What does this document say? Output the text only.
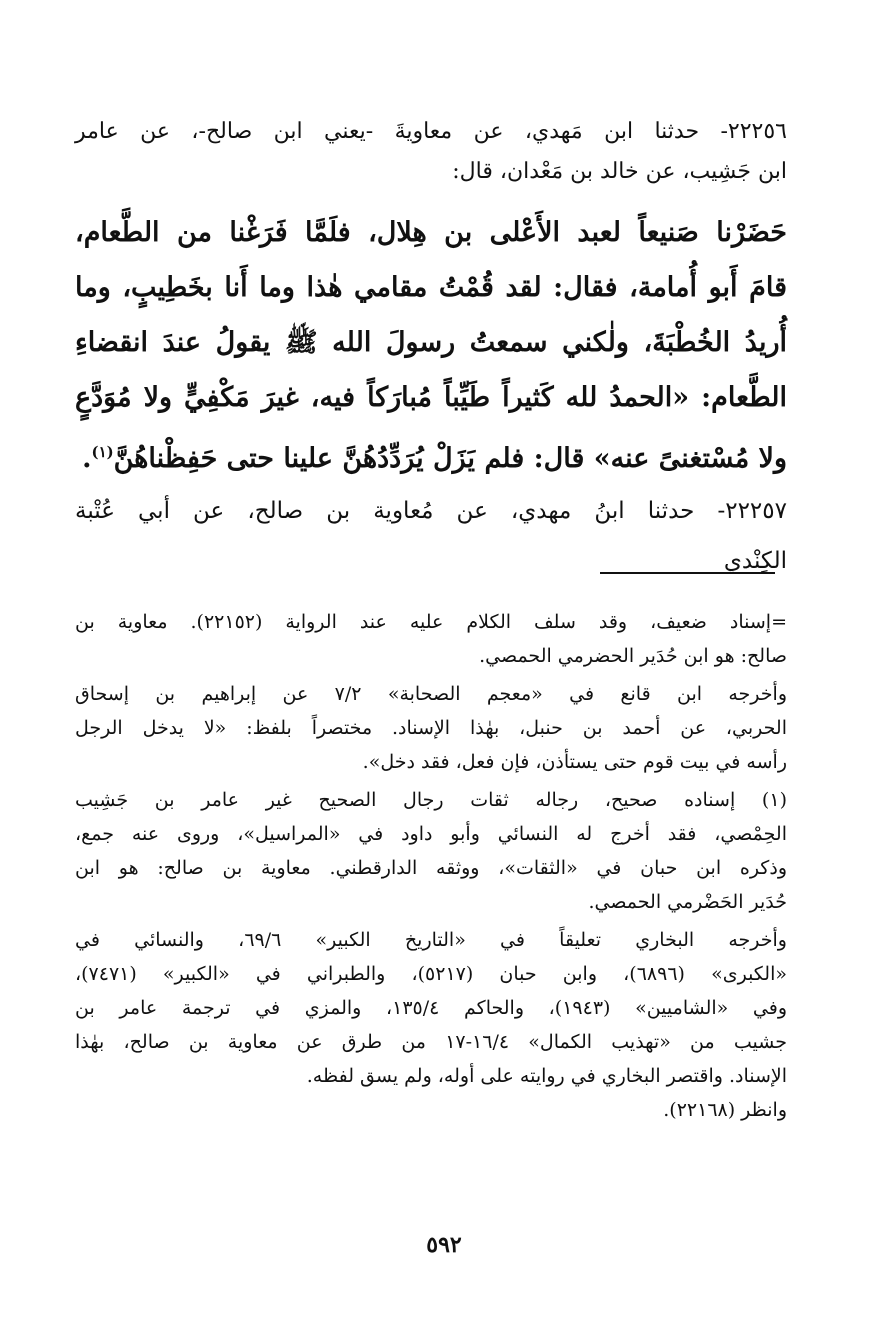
٢٢٢٥٦- حدثنا ابن مَهدي، عن معاويةَ -يعني ابن صالح-، عن عامر
ابن جَشِيب، عن خالد بن مَعْدان، قال:
حَضَرْنا صَنيعاً لعبد الأَعْلى بن هِلال، فلَمَّا فَرَغْنا من الطَّعام،
قامَ أَبو أُمامة، فقال: لقد قُمْتُ مقامي هٰذا وما أَنا بخَطِيبٍ، وما
أُريدُ الخُطْبَةَ، ولٰكني سمعتُ رسولَ الله ﷺ يقولُ عندَ انقضاءِ
الطَّعام: «الحمدُ لله كَثيراً طَيِّباً مُبارَكاً فيه، غيرَ مَكْفِيٍّ ولا مُوَدَّعٍ
ولا مُسْتغنىً عنه» قال: فلم يَزَلْ يُرَدِّدُهُنَّ علينا حتى حَفِظْناهُنَّ$^{(١)}$.
٢٢٢٥٧- حدثنا ابنُ مهدي، عن مُعاوية بن صالح، عن أبي عُتْبة
الكِنْدي
=إسناد ضعيف، وقد سلف الكلام عليه عند الرواية (٢٢١٥٢). معاوية بن
صالح: هو ابن حُدَير الحضرمي الحمصي.
وأخرجه ابن قانع في «معجم الصحابة» ٧/٢ عن إبراهيم بن إسحاق
الحربي، عن أحمد بن حنبل، بهٰذا الإسناد. مختصراً بلفظ: «لا يدخل الرجل
رأسه في بيت قوم حتى يستأذن، فإن فعل، فقد دخل».
(١) إسناده صحيح، رجاله ثقات رجال الصحيح غير عامر بن جَشِيب
الحِمْصي، فقد أخرج له النسائي وأبو داود في «المراسيل»، وروى عنه جمع،
وذكره ابن حبان في «الثقات»، ووثقه الدارقطني. معاوية بن صالح: هو ابن
حُدَير الحَضْرمي الحمصي.
وأخرجه البخاري تعليقاً في «التاريخ الكبير» ٦٩/٦، والنسائي في
«الكبرى» (٦٨٩٦)، وابن حبان (٥٢١٧)، والطبراني في «الكبير» (٧٤٧١)،
وفي «الشاميين» (١٩٤٣)، والحاكم ١٣٥/٤، والمزي في ترجمة عامر بن
جشيب من «تهذيب الكمال» ١٦/٤-١٧ من طرق عن معاوية بن صالح، بهٰذا
الإسناد. واقتصر البخاري في روايته على أوله، ولم يسق لفظه.
وانظر (٢٢١٦٨).
٥٩٢
